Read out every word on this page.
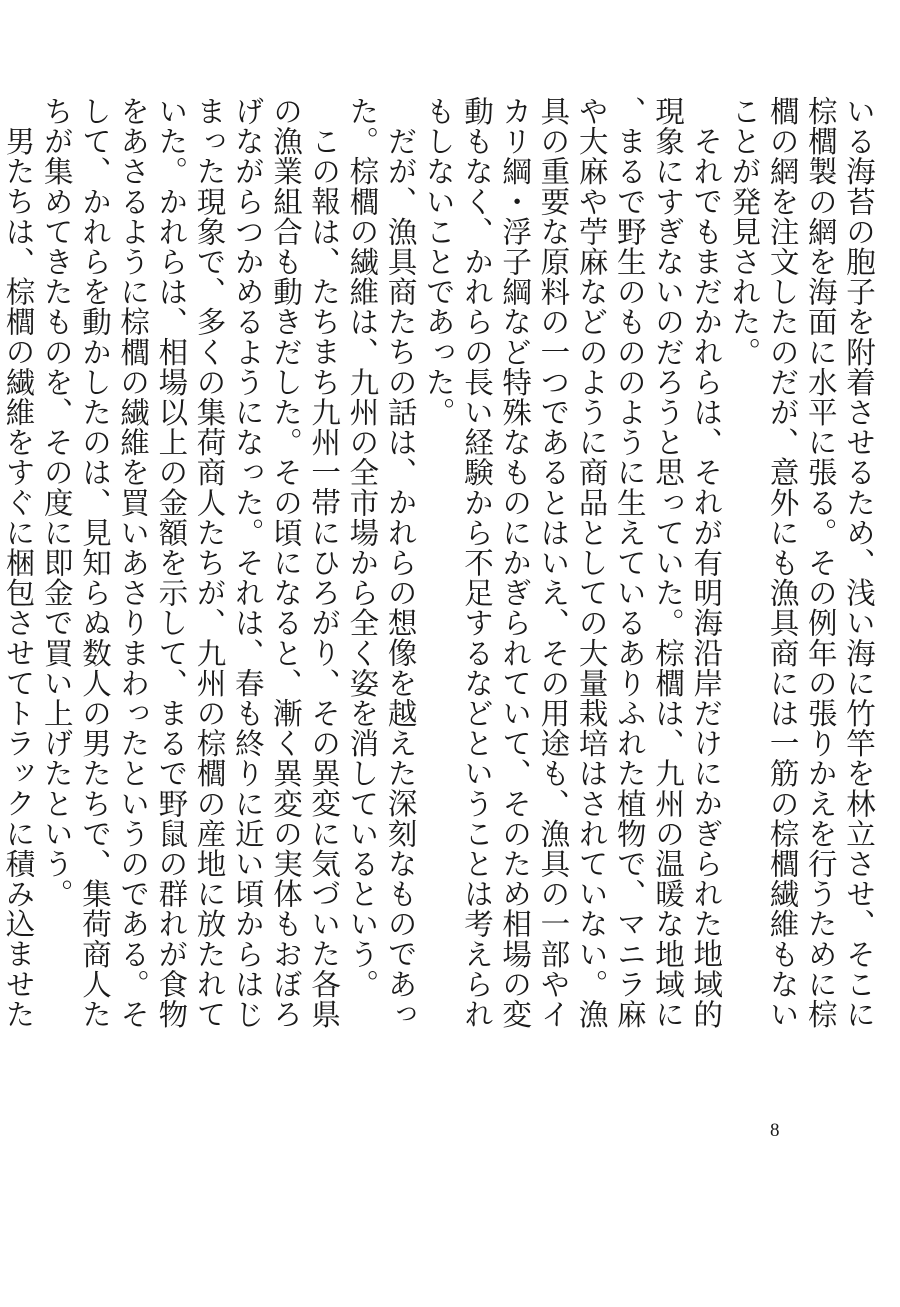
いる海苔の胞子を附着させるため、浅い海に竹竿を林立させ、そこに棕櫚製の網を海面に水平に張る。その例年の張りかえを行うために棕櫚の網を注文したのだが、意外にも漁具商には一筋の棕櫚繊維もないことが発見された。

それでもまだかれらは、それが有明海沿岸だけにかぎられた地域的現象にすぎないのだろうと思っていた。棕櫚は、九州の温暖な地域に、まるで野生のもののように生えているありふれた植物で、マニラ麻や大麻や苧麻などのように商品としての大量栽培はされていない。漁具の重要な原料の一つであるとはいえ、その用途も、漁具の一部やイカリ綱・浮子綱など特殊なものにかぎられていて、そのため相場の変動もなく、かれらの長い経験から不足するなどということは考えられもしないことであった。

だが、漁具商たちの話は、かれらの想像を越えた深刻なものであった。棕櫚の繊維は、九州の全市場から全く姿を消しているという。

この報は、たちまち九州一帯にひろがり、その異変に気づいた各県の漁業組合も動きだした。その頃になると、漸く異変の実体もおぼろげながらつかめるようになった。それは、春も終りに近い頃からはじまった現象で、多くの集荷商人たちが、九州の棕櫚の産地に放たれていた。かれらは、相場以上の金額を示して、まるで野鼠の群れが食物をあさるように棕櫚の繊維を買いあさりまわったというのである。そして、かれらを動かしたのは、見知らぬ数人の男たちで、集荷商人たちが集めてきたものを、その度に即金で買い上げたという。

男たちは、棕櫚の繊維をすぐに梱包させてトラックに積み込ませた

8
